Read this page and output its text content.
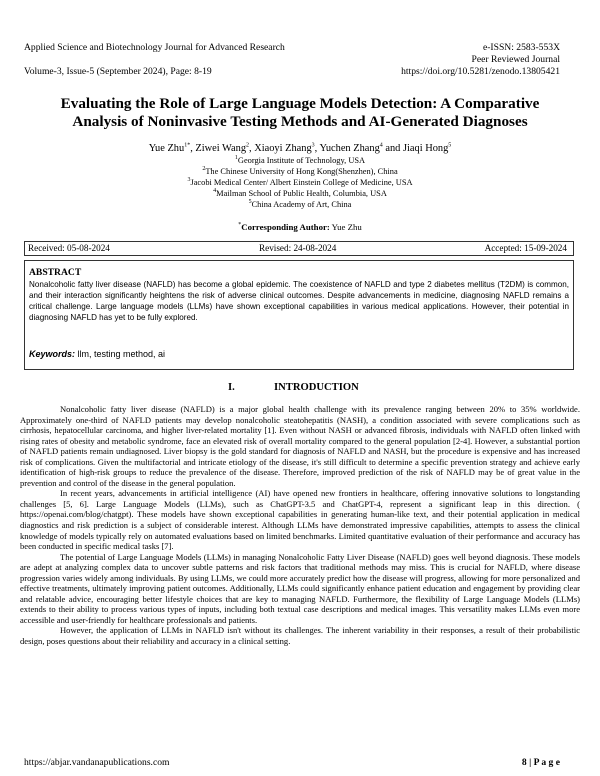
Applied Science and Biotechnology Journal for Advanced Research	e-ISSN: 2583-553X
Peer Reviewed Journal
Volume-3, Issue-5 (September 2024), Page: 8-19	https://doi.org/10.5281/zenodo.13805421
Evaluating the Role of Large Language Models Detection: A Comparative
Analysis of Noninvasive Testing Methods and AI-Generated Diagnoses
Yue Zhu$^{1*}$, Ziwei Wang$^2$, Xiaoyi Zhang$^3$, Yuchen Zhang$^4$ and Jiaqi Hong$^5$
$^1$Georgia Institute of Technology, USA
$^2$The Chinese University of Hong Kong(Shenzhen), China
$^3$Jacobi Medical Center/ Albert Einstein College of Medicine, USA
$^4$Mailman School of Public Health, Columbia, USA
$^5$China Academy of Art, China
*Corresponding Author: Yue Zhu
Received: 05-08-2024	Revised: 24-08-2024	Accepted: 15-09-2024
ABSTRACT
Nonalcoholic fatty liver disease (NAFLD) has become a global epidemic. The coexistence of NAFLD and type 2 diabetes mellitus (T2DM) is common, and their interaction significantly heightens the risk of adverse clinical outcomes. Despite advancements in medicine, diagnosing NAFLD remains a critical challenge. Large language models (LLMs) have shown exceptional capabilities in various medical applications. However, their potential in diagnosing NAFLD has yet to be fully explored.
Keywords: llm, testing method, ai
I.	INTRODUCTION

Nonalcoholic fatty liver disease (NAFLD) is a major global health challenge with its prevalence ranging between 20% to 35% worldwide. Approximately one-third of NAFLD patients may develop nonalcoholic steatohepatitis (NASH), a condition associated with severe complications such as cirrhosis, hepatocellular carcinoma, and higher liver-related mortality [1]. Even without NASH or advanced fibrosis, individuals with NAFLD often linked with rising rates of obesity and metabolic syndrome, face an elevated risk of overall mortality compared to the general population [2-4]. However, a substantial portion of NAFLD patients remain undiagnosed. Liver biopsy is the gold standard for diagnosis of NAFLD and NASH, but the procedure is expensive and has increased risk of complications. Given the multifactorial and intricate etiology of the disease, it's still difficult to determine a specific prevention strategy and achieve early identification of high-risk groups to reduce the prevalence of the disease. Therefore, improved prediction of the risk of NAFLD may be of great value in the prevention and control of the disease in the general population.

In recent years, advancements in artificial intelligence (AI) have opened new frontiers in healthcare, offering innovative solutions to longstanding challenges [5, 6]. Large Language Models (LLMs), such as ChatGPT-3.5 and ChatGPT-4, represent a significant leap in this direction. ( https://openai.com/blog/chatgpt). These models have shown exceptional capabilities in generating human-like text, and their potential application in medical diagnostics and risk prediction is a subject of considerable interest. Although LLMs have demonstrated impressive capabilities, attempts to assess the clinical knowledge of models typically rely on automated evaluations based on limited benchmarks. Limited quantitative evaluation of their performance and accuracy has been conducted in specific medical tasks [7].

The potential of Large Language Models (LLMs) in managing Nonalcoholic Fatty Liver Disease (NAFLD) goes well beyond diagnosis. These models are adept at analyzing complex data to uncover subtle patterns and risk factors that traditional methods may miss. This is crucial for NAFLD, where disease progression varies widely among individuals. By using LLMs, we could more accurately predict how the disease will progress, allowing for more personalized and effective treatments, ultimately improving patient outcomes. Additionally, LLMs could significantly enhance patient education and engagement by providing clear and relatable advice, encouraging better lifestyle choices that are key to managing NAFLD. Furthermore, the flexibility of Large Language Models (LLMs) extends to their ability to process various types of inputs, including both textual case descriptions and medical images. This versatility makes LLMs even more accessible and user-friendly for healthcare professionals and patients.

However, the application of LLMs in NAFLD isn't without its challenges. The inherent variability in their responses, a result of their probabilistic design, poses questions about their reliability and accuracy in a clinical setting.

https://abjar.vandanapublications.com	8 | P a g e
